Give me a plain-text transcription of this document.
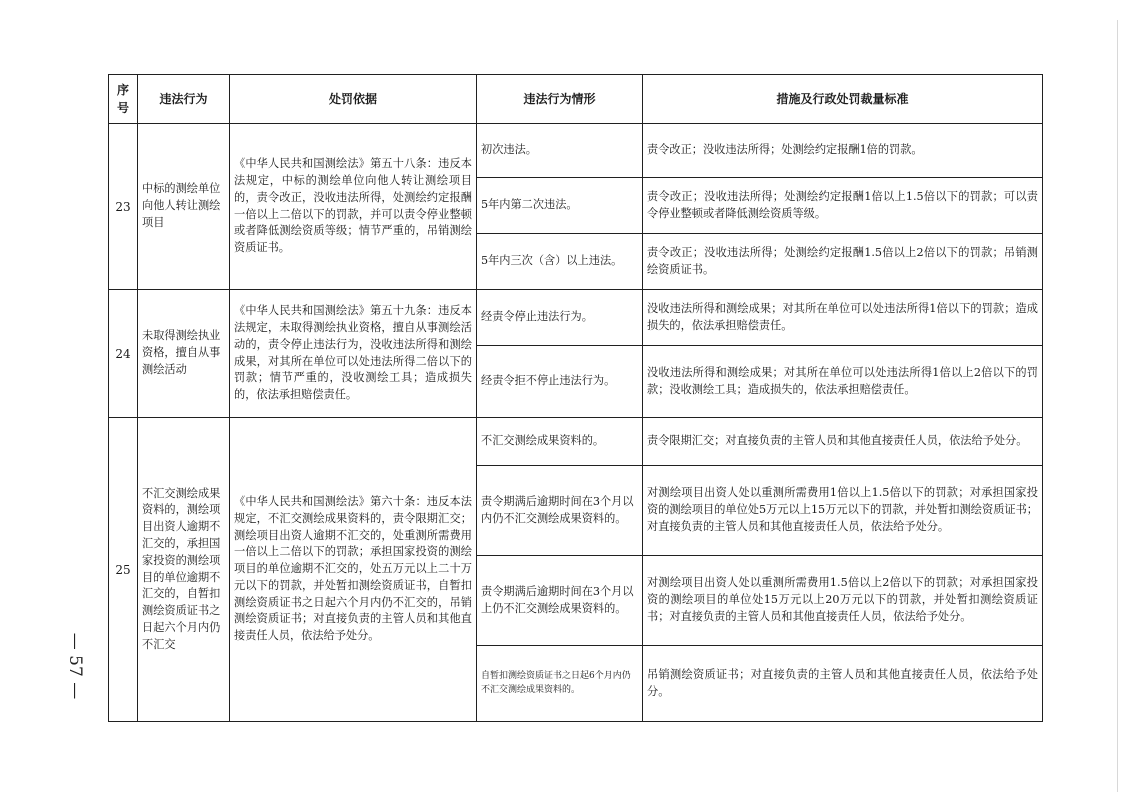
— 57 —
序号	违法行为	处罚依据	违法行为情形	措施及行政处罚裁量标准
23	中标的测绘单位向他人转让测绘项目	《中华人民共和国测绘法》第五十八条：违反本法规定，中标的测绘单位向他人转让测绘项目的，责令改正，没收违法所得，处测绘约定报酬一倍以上二倍以下的罚款，并可以责令停业整顿或者降低测绘资质等级；情节严重的，吊销测绘资质证书。	初次违法。	责令改正；没收违法所得；处测绘约定报酬1倍的罚款。
			5年内第二次违法。	责令改正；没收违法所得；处测绘约定报酬1倍以上1.5倍以下的罚款；可以责令停业整顿或者降低测绘资质等级。
			5年内三次（含）以上违法。	责令改正；没收违法所得；处测绘约定报酬1.5倍以上2倍以下的罚款；吊销测绘资质证书。
24	未取得测绘执业资格，擅自从事测绘活动	《中华人民共和国测绘法》第五十九条：违反本法规定，未取得测绘执业资格，擅自从事测绘活动的，责令停止违法行为，没收违法所得和测绘成果，对其所在单位可以处违法所得二倍以下的罚款；情节严重的，没收测绘工具；造成损失的，依法承担赔偿责任。	经责令停止违法行为。	没收违法所得和测绘成果；对其所在单位可以处违法所得1倍以下的罚款；造成损失的，依法承担赔偿责任。
			经责令拒不停止违法行为。	没收违法所得和测绘成果；对其所在单位可以处违法所得1倍以上2倍以下的罚款；没收测绘工具；造成损失的，依法承担赔偿责任。
25	不汇交测绘成果资料的，测绘项目出资人逾期不汇交的，承担国家投资的测绘项目的单位逾期不汇交的，自暂扣测绘资质证书之日起六个月内仍不汇交	《中华人民共和国测绘法》第六十条：违反本法规定，不汇交测绘成果资料的，责令限期汇交；测绘项目出资人逾期不汇交的，处重测所需费用一倍以上二倍以下的罚款；承担国家投资的测绘项目的单位逾期不汇交的，处五万元以上二十万元以下的罚款，并处暂扣测绘资质证书，自暂扣测绘资质证书之日起六个月内仍不汇交的，吊销测绘资质证书；对直接负责的主管人员和其他直接责任人员，依法给予处分。	不汇交测绘成果资料的。	责令限期汇交；对直接负责的主管人员和其他直接责任人员，依法给予处分。
			责令期满后逾期时间在3个月以内仍不汇交测绘成果资料的。	对测绘项目出资人处以重测所需费用1倍以上1.5倍以下的罚款；对承担国家投资的测绘项目的单位处5万元以上15万元以下的罚款，并处暂扣测绘资质证书；对直接负责的主管人员和其他直接责任人员，依法给予处分。
			责令期满后逾期时间在3个月以上仍不汇交测绘成果资料的。	对测绘项目出资人处以重测所需费用1.5倍以上2倍以下的罚款；对承担国家投资的测绘项目的单位处15万元以上20万元以下的罚款，并处暂扣测绘资质证书；对直接负责的主管人员和其他直接责任人员，依法给予处分。
			自暂扣测绘资质证书之日起6个月内仍不汇交测绘成果资料的。	吊销测绘资质证书；对直接负责的主管人员和其他直接责任人员，依法给予处分。
